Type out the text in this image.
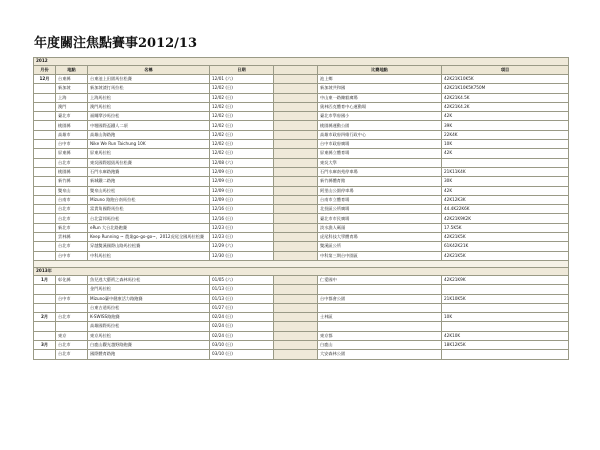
年度關注焦點賽事2012/13
2012						
月份	地點	名稱	日期		比賽地點	項目
12月	台東縣	台東池上田園馬拉松賽	12/01 (六)		池上鄉	42K21K10K5K
	新加坡	新加坡渣打馬拉松	12/02 (日)		新加坡共和國	42K21K10K5K750M
	上海	上海馬拉松	12/02 (日)		中山東一路陳毅廣場	42K21K4.5K
	澳門	澳門馬拉松	12/02 (日)		奧林匹克體育中心運動場	42K21K4.2K
	臺北市	福爾摩沙馬拉松	12/02 (日)		臺北市學府國小	42K
	桃園縣	中壢國際盃鐵人二項	12/02 (日)		桃園縣運動公園	39K
	高雄市	高雄山海路跑	12/02 (日)		高雄市政府四維行政中心	22K4K
	台中市	Nike We Run Taichung 10K	12/02 (日)		台中市政府廣場	10K
	屏東縣	屏東馬拉松	12/02 (日)		屏東縣立體育場	42K
	台北市	東吳國際超級馬拉松賽	12/08 (六)		東吳大學	
	桃園縣	石門水庫路跑賽	12/09 (日)		石門水庫南苑停車場	21K11K4K
	新竹縣	新城鐵二路跑	12/09 (日)		新竹縣體育館	30K
	雙泉山	雙泉山馬拉松	12/09 (日)		阿里山公園停車場	42K
	台南市	Mizuno 路跑台南馬拉松	12/09 (日)		台南市立體育場	42K12K3K
	台北市	富貴角國際馬拉松	12/16 (日)		北投區公所廣場	44.4K22K6K
	台北市	台北富邦馬拉松	12/16 (日)		臺北市市民廣場	42K21K9K2K
	新北市	eRun 大台北路跑賽	12/23 (日)		淡水漁人碼頭	17.5K5K
	雲林縣	Keep Running ~ 農業go-go-go~，2012虎尾全國馬拉松賽	12/23 (日)		虎尾科技大學體育場	42K21K5K
	台北市	穿越雙溪國際山路馬拉松賽	12/29 (六)		雙溪區公所	61K42K21K
	台中市	中科馬拉松	12/30 (日)		中科第三期台中園區	42K21K5K

2013年						
1月	彰化縣	魚兒逃大藝術之森林馬拉松	01/05 (六)		仁愛國中	42K21K9K
		金門馬拉松	01/13 (日)			
	台中市	Mizuno臺中健康活力路跑賽	01/13 (日)		台中都會公園	21K10K5K
		台東古道馬拉松	01/27 (日)			
2月	台北市	K-SWISS路跑賽	02/24 (日)		士林區	10K
		高雄國際馬拉松	02/24 (日)			
	東京	東京馬拉松	02/24 (日)		東京都	42K10K
3月	台北市	白鹿山觀光越野路跑賽	03/10 (日)		白鹿山	18K12K5K
	台北市	國際體育路跑	03/10 (日)		大安森林公園	
